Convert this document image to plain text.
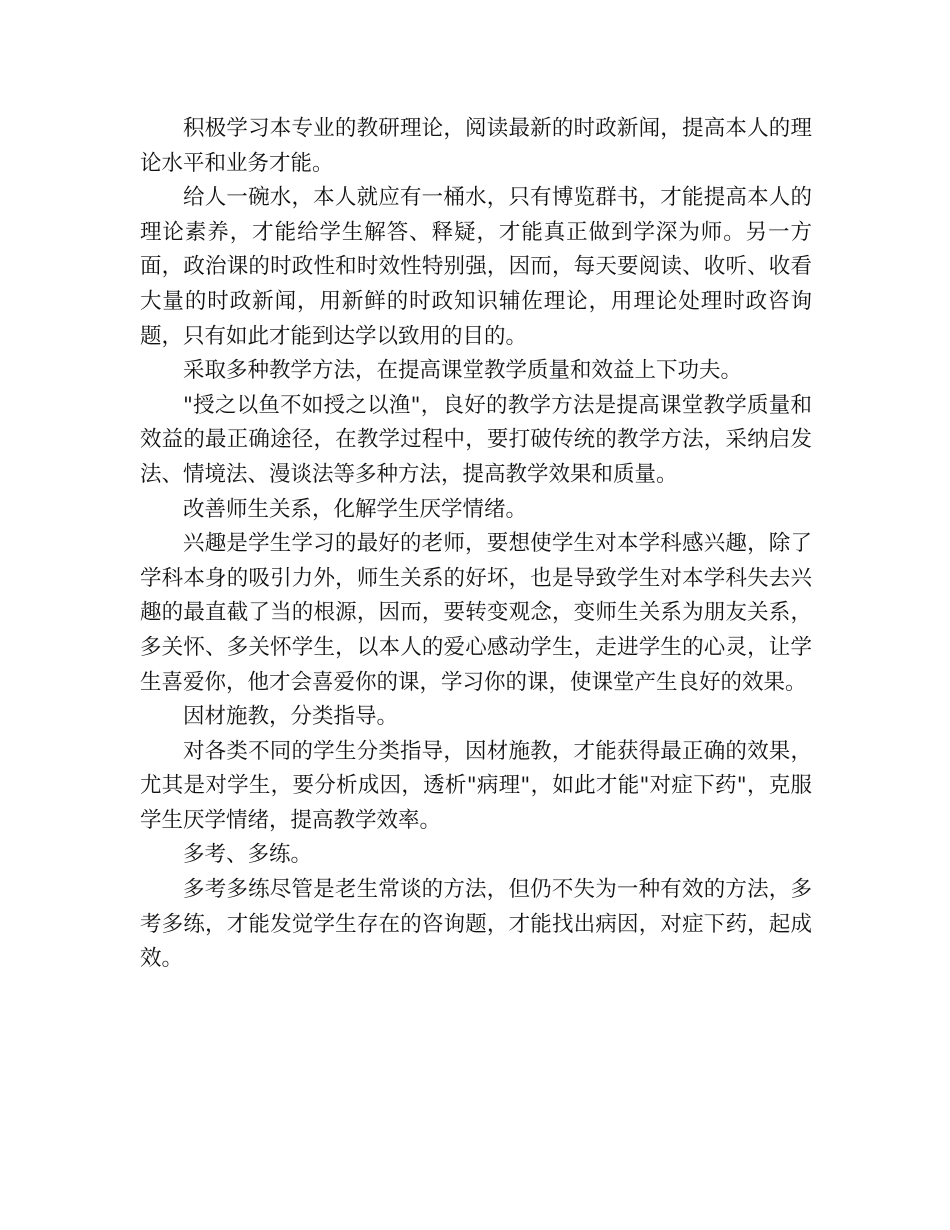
积极学习本专业的教研理论，阅读最新的时政新闻，提高本人的理论水平和业务才能。

给人一碗水，本人就应有一桶水，只有博览群书，才能提高本人的理论素养，才能给学生解答、释疑，才能真正做到学深为师。另一方面，政治课的时政性和时效性特别强，因而，每天要阅读、收听、收看大量的时政新闻，用新鲜的时政知识辅佐理论，用理论处理时政咨询题，只有如此才能到达学以致用的目的。

采取多种教学方法，在提高课堂教学质量和效益上下功夫。

"授之以鱼不如授之以渔"，良好的教学方法是提高课堂教学质量和效益的最正确途径，在教学过程中，要打破传统的教学方法，采纳启发法、情境法、漫谈法等多种方法，提高教学效果和质量。

改善师生关系，化解学生厌学情绪。

兴趣是学生学习的最好的老师，要想使学生对本学科感兴趣，除了学科本身的吸引力外，师生关系的好坏，也是导致学生对本学科失去兴趣的最直截了当的根源，因而，要转变观念，变师生关系为朋友关系，多关怀、多关怀学生，以本人的爱心感动学生，走进学生的心灵，让学生喜爱你，他才会喜爱你的课，学习你的课，使课堂产生良好的效果。

因材施教，分类指导。

对各类不同的学生分类指导，因材施教，才能获得最正确的效果，尤其是对学生，要分析成因，透析"病理"，如此才能"对症下药"，克服学生厌学情绪，提高教学效率。

多考、多练。

多考多练尽管是老生常谈的方法，但仍不失为一种有效的方法，多考多练，才能发觉学生存在的咨询题，才能找出病因，对症下药，起成效。
